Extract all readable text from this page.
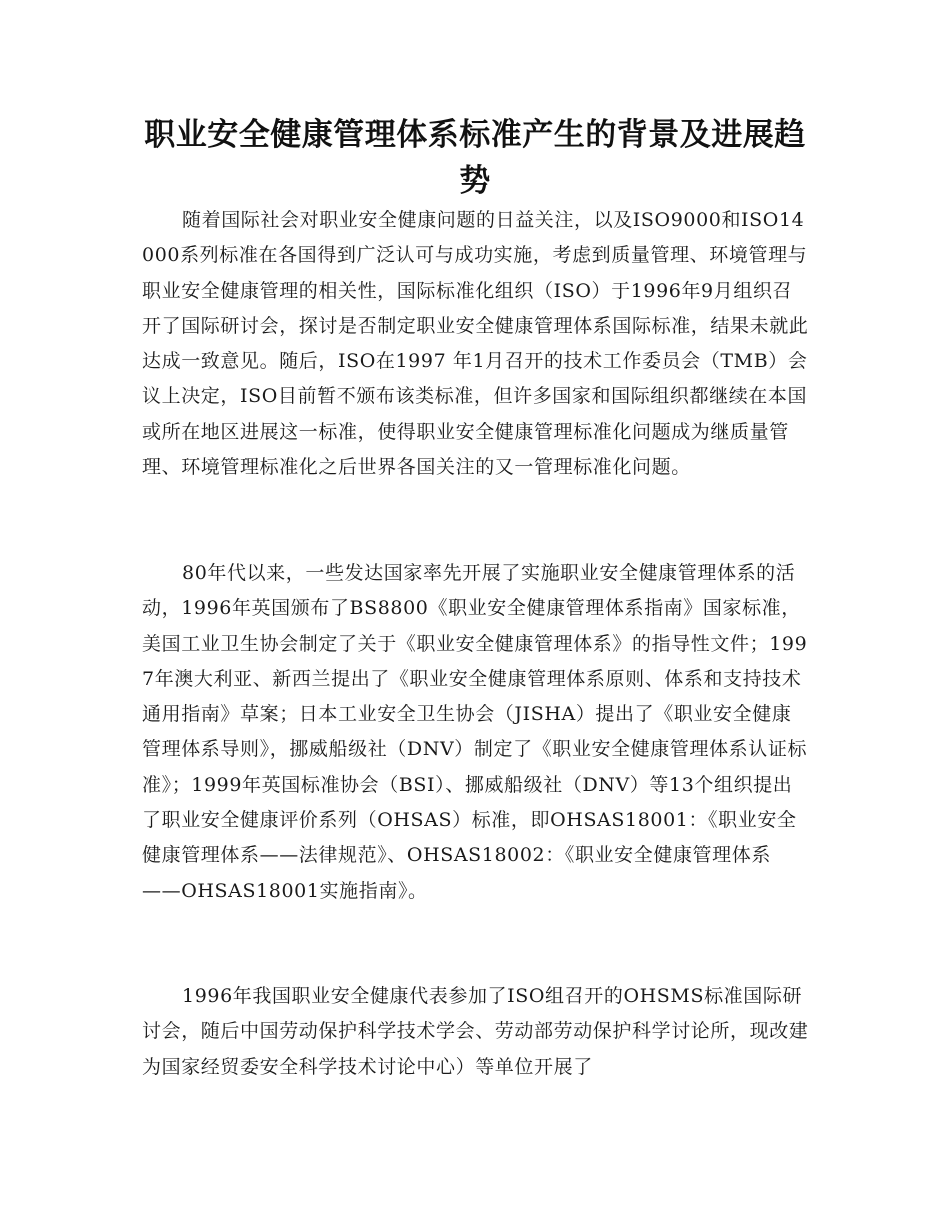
职业安全健康管理体系标准产生的背景及进展趋势

随着国际社会对职业安全健康问题的日益关注，以及ISO9000和ISO14000系列标准在各国得到广泛认可与成功实施，考虑到质量管理、环境管理与职业安全健康管理的相关性，国际标准化组织（ISO）于1996年9月组织召开了国际研讨会，探讨是否制定职业安全健康管理体系国际标准，结果未就此达成一致意见。随后，ISO在1997 年1月召开的技术工作委员会（TMB）会议上决定，ISO目前暂不颁布该类标准，但许多国家和国际组织都继续在本国或所在地区进展这一标准，使得职业安全健康管理标准化问题成为继质量管理、环境管理标准化之后世界各国关注的又一管理标准化问题。

80年代以来，一些发达国家率先开展了实施职业安全健康管理体系的活动，1996年英国颁布了BS8800《职业安全健康管理体系指南》国家标准，美国工业卫生协会制定了关于《职业安全健康管理体系》的指导性文件；1997年澳大利亚、新西兰提出了《职业安全健康管理体系原则、体系和支持技术通用指南》草案；日本工业安全卫生协会（JISHA）提出了《职业安全健康管理体系导则》，挪威船级社（DNV）制定了《职业安全健康管理体系认证标准》；1999年英国标准协会（BSI）、挪威船级社（DNV）等13个组织提出了职业安全健康评价系列（OHSAS）标准，即OHSAS18001：《职业安全健康管理体系——法律规范》、OHSAS18002：《职业安全健康管理体系——OHSAS18001实施指南》。

1996年我国职业安全健康代表参加了ISO组召开的OHSMS标准国际研讨会，随后中国劳动保护科学技术学会、劳动部劳动保护科学讨论所，现改建为国家经贸委安全科学技术讨论中心）等单位开展了
